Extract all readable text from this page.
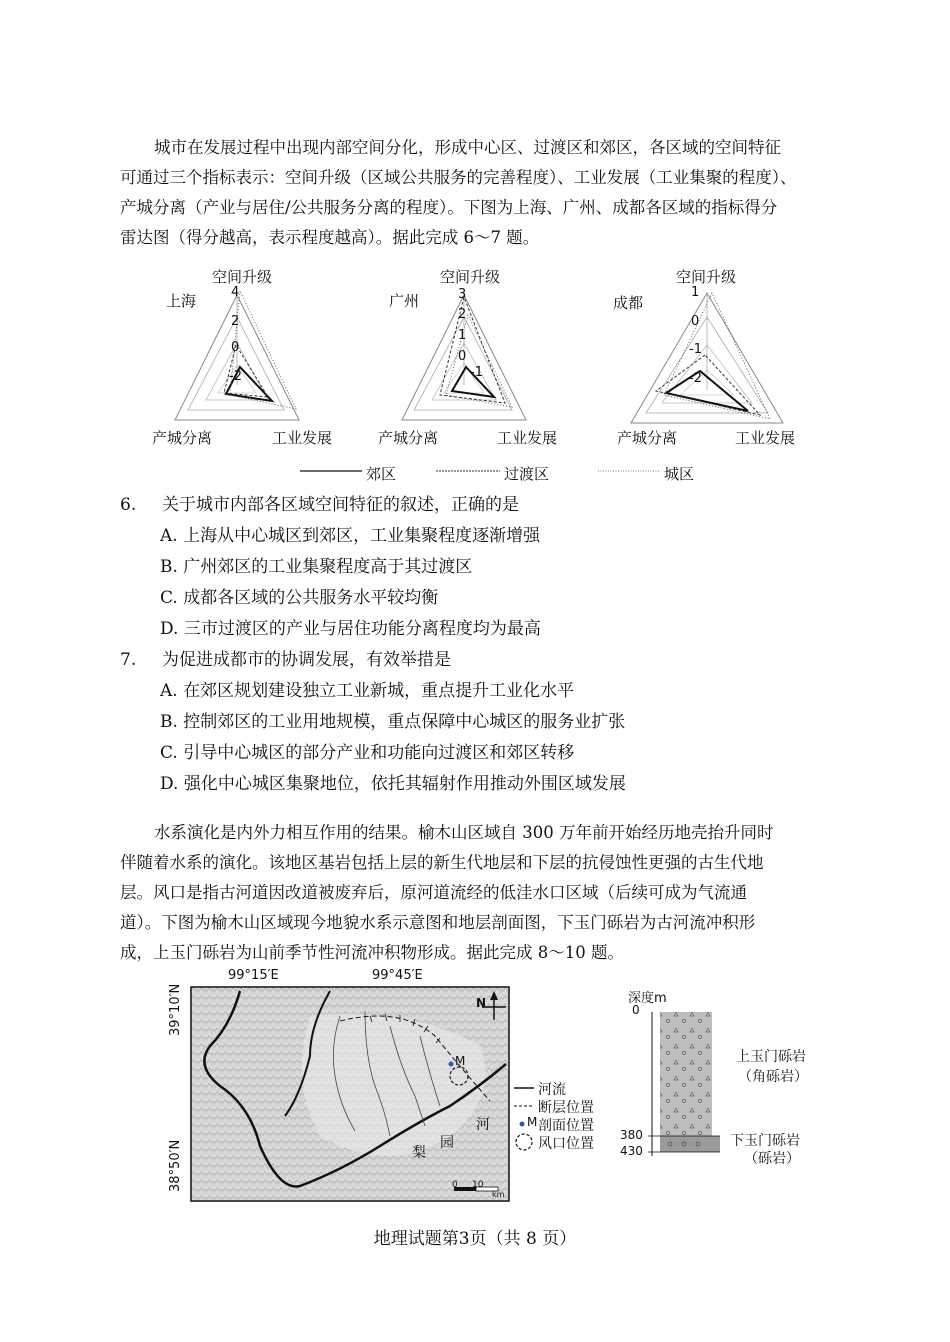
城市在发展过程中出现内部空间分化，形成中心区、过渡区和郊区，各区域的空间特征

可通过三个指标表示：空间升级（区域公共服务的完善程度）、工业发展（工业集聚的程度）、

产城分离（产业与居住/公共服务分离的程度）。下图为上海、广州、成都各区域的指标得分

雷达图（得分越高，表示程度越高）。据此完成 6～7 题。

空间升级	空间升级	空间升级
上海	广州	成都
4
2
0
-2
3
2
1
0
-1
1
0
-1
-2
产城分离	工业发展	产城分离	工业发展	产城分离	工业发展
郊区	过渡区	城区
6. 关于城市内部各区域空间特征的叙述，正确的是
A. 上海从中心城区到郊区，工业集聚程度逐渐增强
B. 广州郊区的工业集聚程度高于其过渡区
C. 成都各区域的公共服务水平较均衡
D. 三市过渡区的产业与居住功能分离程度均为最高
7. 为促进成都市的协调发展，有效举措是
A. 在郊区规划建设独立工业新城，重点提升工业化水平
B. 控制郊区的工业用地规模，重点保障中心城区的服务业扩张
C. 引导中心城区的部分产业和功能向过渡区和郊区转移
D. 强化中心城区集聚地位，依托其辐射作用推动外围区域发展

水系演化是内外力相互作用的结果。榆木山区域自 300 万年前开始经历地壳抬升同时

伴随着水系的演化。该地区基岩包括上层的新生代地层和下层的抗侵蚀性更强的古生代地

层。风口是指古河道因改道被废弃后，原河道流经的低洼水口区域（后续可成为气流通

道）。下图为榆木山区域现今地貌水系示意图和地层剖面图，下玉门砾岩为古河流冲积形

成，上玉门砾岩为山前季节性河流冲积物形成。据此完成 8～10 题。

99°15′E	99°45′E
39°10′N
38°50′N
N
M
河
园
梨
0 10
km
河流
断层位置
M 剖面位置
风口位置
深度m
0
380
430
上玉门砾岩
（角砾岩）
下玉门砾岩
（砾岩）
地理试题第3页（共 8 页）
